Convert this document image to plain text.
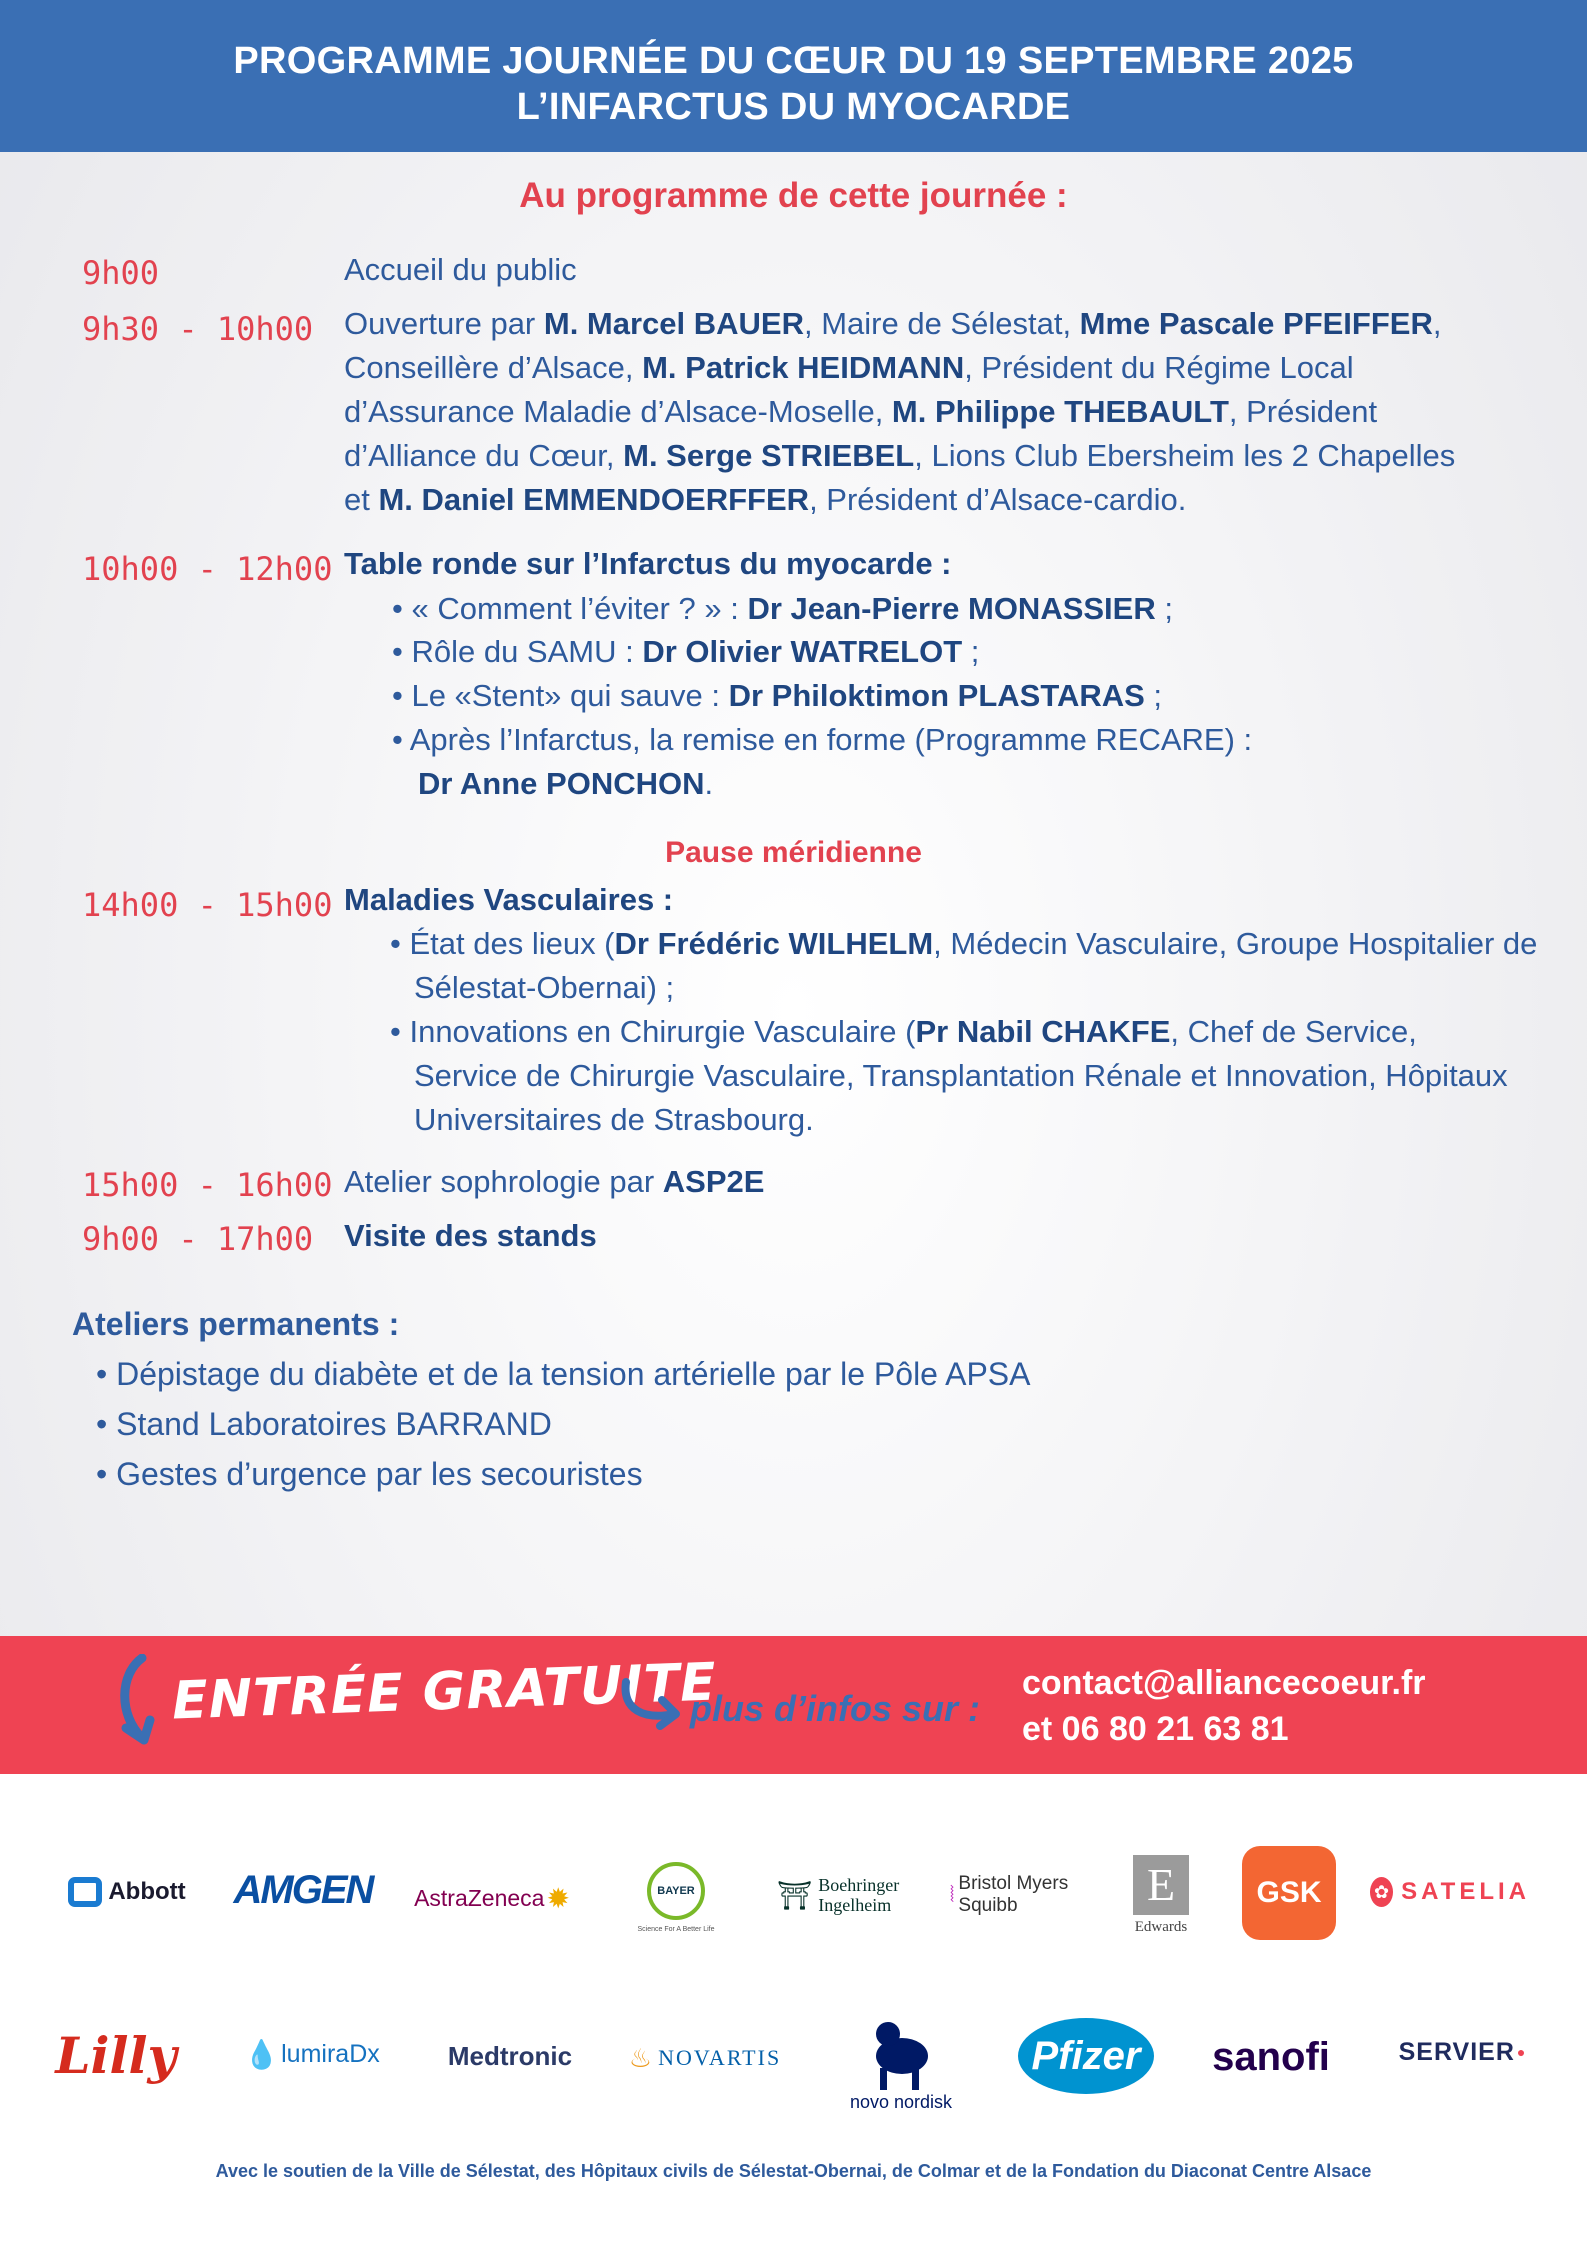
PROGRAMME JOURNÉE DU CŒUR DU 19 SEPTEMBRE 2025
L’INFARCTUS DU MYOCARDE
Au programme de cette journée :
9h00	Accueil du public
9h30 - 10h00 Ouverture par M. Marcel BAUER, Maire de Sélestat, Mme Pascale PFEIFFER, Conseillère d’Alsace, M. Patrick HEIDMANN, Président du Régime Local d’Assurance Maladie d’Alsace-Moselle, M. Philippe THEBAULT, Président d’Alliance du Cœur, M. Serge STRIEBEL, Lions Club Ebersheim les 2 Chapelles et M. Daniel EMMENDOERFFER, Président d’Alsace-cardio.
10h00 - 12h00 Table ronde sur l’Infarctus du myocarde :
• « Comment l’éviter ? » : Dr Jean-Pierre MONASSIER ;
• Rôle du SAMU : Dr Olivier WATRELOT ;
• Le «Stent» qui sauve : Dr Philoktimon PLASTARAS ;
• Après l’Infarctus, la remise en forme (Programme RECARE) :
Dr Anne PONCHON.
Pause méridienne
14h00 - 15h00 Maladies Vasculaires :
• État des lieux (Dr Frédéric WILHELM, Médecin Vasculaire, Groupe Hospitalier de
Sélestat-Obernai) ;
• Innovations en Chirurgie Vasculaire (Pr Nabil CHAKFE, Chef de Service,
Service de Chirurgie Vasculaire, Transplantation Rénale et Innovation, Hôpitaux
Universitaires de Strasbourg.
15h00 - 16h00 Atelier sophrologie par ASP2E
9h00 - 17h00 Visite des stands
Ateliers permanents :
• Dépistage du diabète et de la tension artérielle par le Pôle APSA
• Stand Laboratoires BARRAND
• Gestes d’urgence par les secouristes
ENTRÉE GRATUITE
plus d’infos sur :
contact@alliancecoeur.fr
et 06 80 21 63 81
Abbott AMGEN AstraZeneca ✹	BAYER
Science For A Better Life
⛩ Boehringer
Ingelheim	⦚ Bristol Myers
Squibb	E
Edwards
GSK	✿ SATELIA
Lilly	💧 lumiraDx	Medtronic	♨ NOVARTIS
novo nordisk
Pfizer	sanofi	SERVIER ●
Avec le soutien de la Ville de Sélestat, des Hôpitaux civils de Sélestat-Obernai, de Colmar et de la Fondation du Diaconat Centre Alsace
